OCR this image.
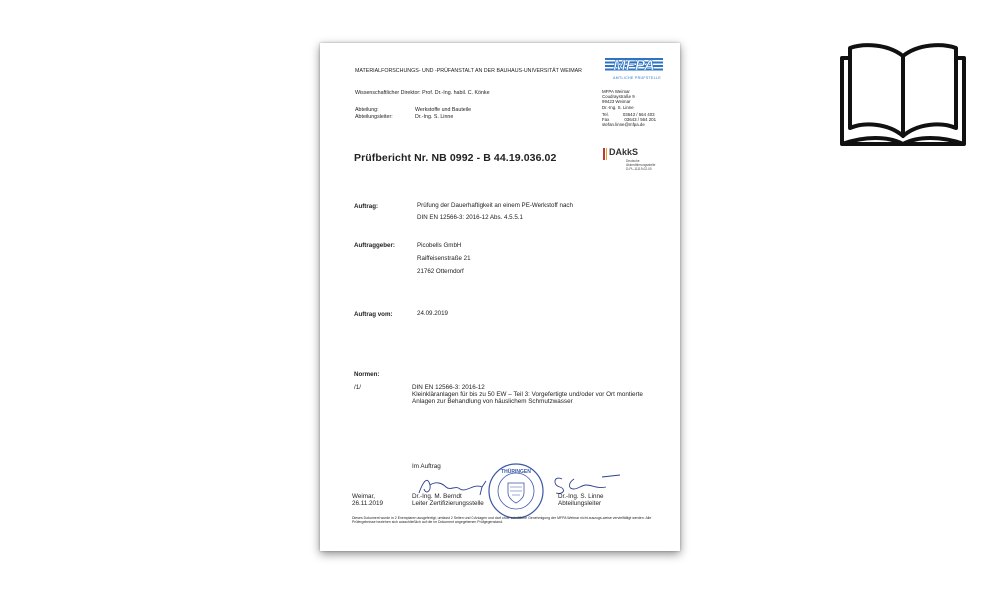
MATERIALFORSCHUNGS- UND -PRÜFANSTALT AN DER BAUHAUS-UNIVERSITÄT WEIMAR MFPA
AMTLICHE PRÜFSTELLE
Wissenschaftlicher Direktor: Prof. Dr.-Ing. habil. C. Könke
Abteilung:	Werkstoffe und Bauteile
Abteilungsleiter:	Dr.-Ing. S. Linne
MFPA Weimar
Coudraystraße 9
99423 Weimar
Dr.-Ing. S. Linne
Tel.	03643 / 564 403
Fax	03643 / 564 201
stefan.linne@mfpa.de
Prüfbericht Nr. NB 0992 - B 44.19.036.02	DAkkS
Deutsche
Akkreditierungsstelle
D-PL-11119-02-00
Auftrag:	Prüfung der Dauerhaftigkeit an einem PE-Werkstoff nach
DIN EN 12566-3: 2016-12 Abs. 4.5.5.1
Auftraggeber:	Picobells GmbH
Raiffeisenstraße 21
21762 Otterndorf
Auftrag vom:	24.09.2019
Normen:
/1/	DIN EN 12566-3: 2016-12
Kleinkläranlagen für bis zu 50 EW – Teil 3: Vorgefertigte und/oder vor Ort montierte
Anlagen zur Behandlung von häuslichem Schmutzwasser
Im Auftrag
THÜRINGEN
Weimar,
26.11.2019
Dr.-Ing. M. Berndt
Leiter Zertifizierungsstelle
Dr.-Ing. S. Linne
Abteilungsleiter
Dieses Dokument wurde in 2 Exemplaren ausgefertigt, umfasst 2 Seiten und 0 Anlagen und darf ohne schriftliche Genehmigung der MFPA Weimar nicht auszugs-weise vervielfältigt werden. Alle Prüfergebnisse beziehen sich ausschließlich auf die im Dokument angegebenen Prüfgegenstand.
